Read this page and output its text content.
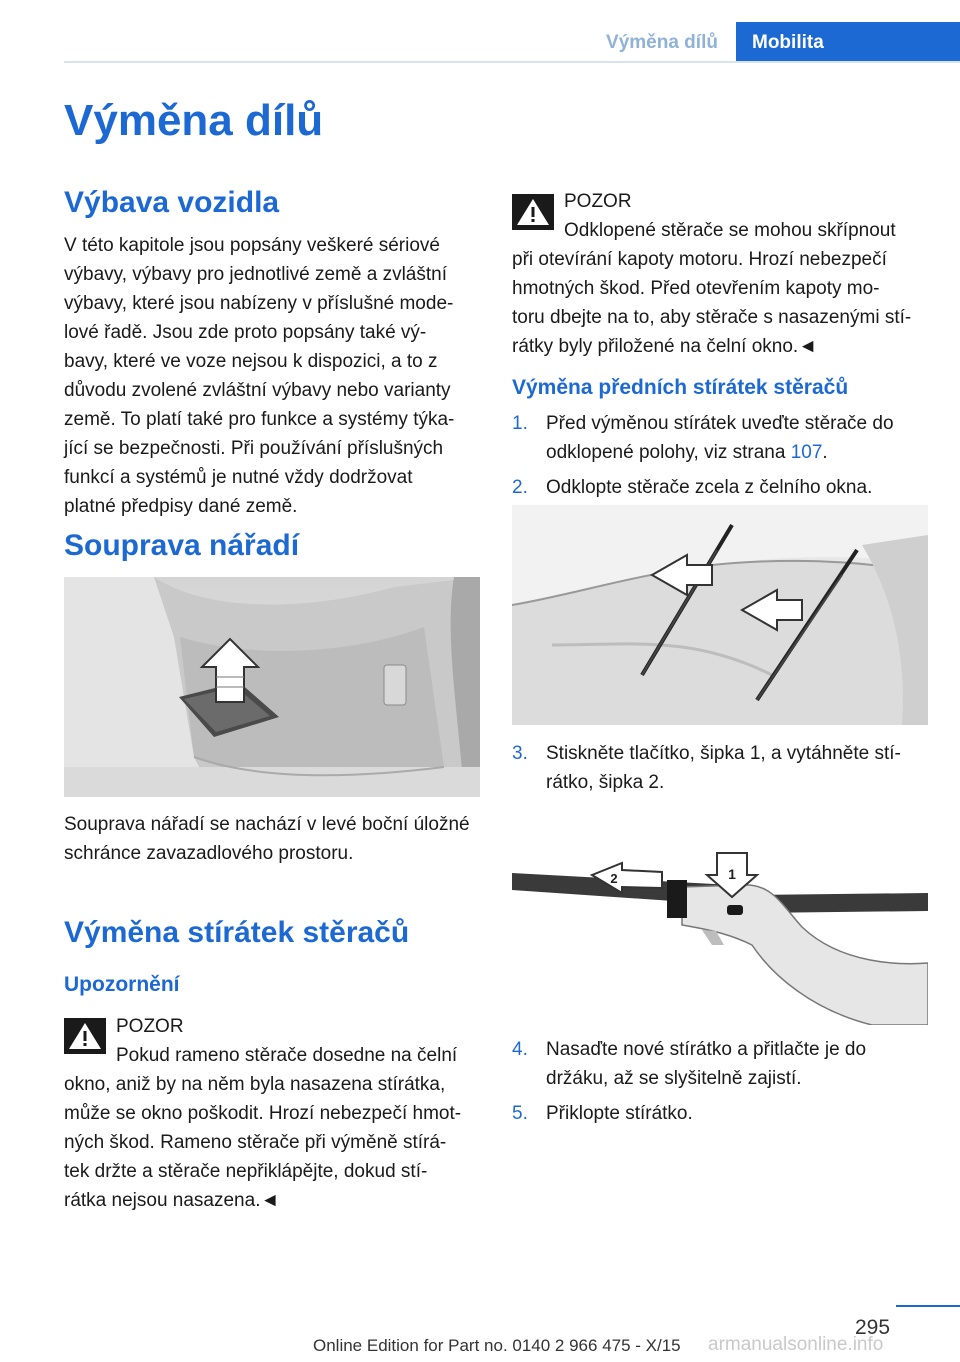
Výměna dílů	Mobilita
Výměna dílů
Výbava vozidla

V této kapitole jsou popsány veškeré sériové
výbavy, výbavy pro jednotlivé země a zvláštní
výbavy, které jsou nabízeny v příslušné mode-
lové řadě. Jsou zde proto popsány také vý-
bavy, které ve voze nejsou k dispozici, a to z
důvodu zvolené zvláštní výbavy nebo varianty
země. To platí také pro funkce a systémy týka-
jící se bezpečnosti. Při používání příslušných
funkcí a systémů je nutné vždy dodržovat
platné předpisy dané země.

Souprava nářadí

Souprava nářadí se nachází v levé boční úložné
schránce zavazadlového prostoru.

Výměna stírátek stěračů
Upozornění
POZOR

Pokud rameno stěrače dosedne na čelní
okno, aniž by na něm byla nasazena stírátka,
může se okno poškodit. Hrozí nebezpečí hmot-
ných škod. Rameno stěrače při výměně stírá-
tek držte a stěrače nepřiklápějte, dokud stí-
rátka nejsou nasazena.◄

POZOR

Odklopené stěrače se mohou skřípnout
při otevírání kapoty motoru. Hrozí nebezpečí
hmotných škod. Před otevřením kapoty mo-
toru dbejte na to, aby stěrače s nasazenými stí-
rátky byly přiložené na čelní okno.◄

Výměna předních stírátek stěračů
1. Před výměnou stírátek uveďte stěrače do
odklopené polohy, viz strana 107.
2. Odklopte stěrače zcela z čelního okna.
3. Stiskněte tlačítko, šipka 1, a vytáhněte stí-
rátko, šipka 2.
1
2
4. Nasaďte nové stírátko a přitlačte je do
držáku, až se slyšitelně zajistí.
5. Přiklopte stírátko.
295
Online Edition for Part no. 0140 2 966 475 - X/15 armanualsonline.info
